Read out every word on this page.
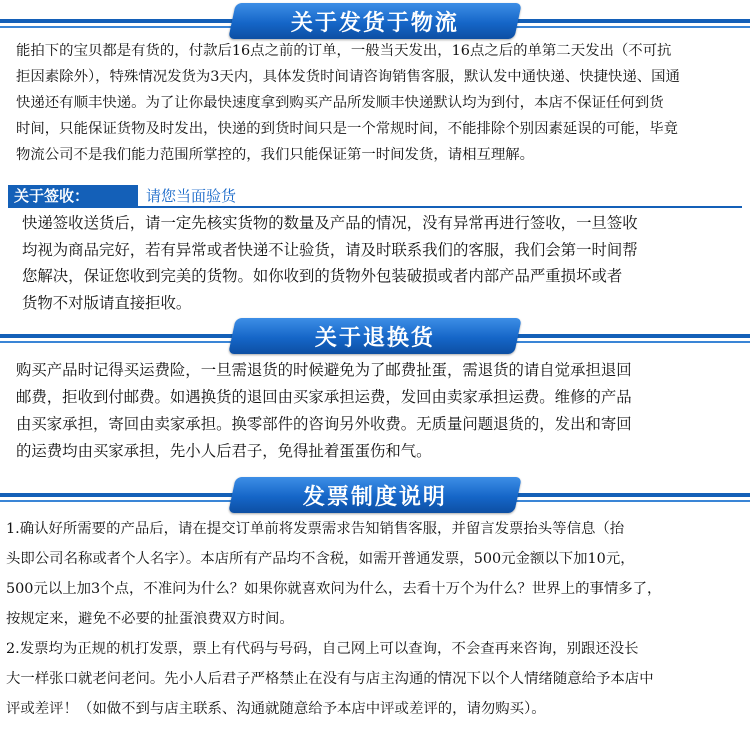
关于发货于物流
能拍下的宝贝都是有货的，付款后16点之前的订单，一般当天发出，16点之后的单第二天发出（不可抗
拒因素除外），特殊情况发货为3天内，具体发货时间请咨询销售客服，默认发中通快递、快捷快递、国通
快递还有顺丰快递。为了让你最快速度拿到购买产品所发顺丰快递默认均为到付，本店不保证任何到货
时间，只能保证货物及时发出，快递的到货时间只是一个常规时间，不能排除个别因素延误的可能，毕竟
物流公司不是我们能力范围所掌控的，我们只能保证第一时间发货，请相互理解。
关于签收：	请您当面验货
快递签收送货后，请一定先核实货物的数量及产品的情况，没有异常再进行签收，一旦签收
均视为商品完好，若有异常或者快递不让验货，请及时联系我们的客服，我们会第一时间帮
您解决，保证您收到完美的货物。如你收到的货物外包装破损或者内部产品严重损坏或者
货物不对版请直接拒收。
关于退换货
购买产品时记得买运费险，一旦需退货的时候避免为了邮费扯蛋，需退货的请自觉承担退回
邮费，拒收到付邮费。如遇换货的退回由买家承担运费，发回由卖家承担运费。维修的产品
由买家承担，寄回由卖家承担。换零部件的咨询另外收费。无质量问题退货的，发出和寄回
的运费均由买家承担，先小人后君子，免得扯着蛋蛋伤和气。
发票制度说明
1.确认好所需要的产品后，请在提交订单前将发票需求告知销售客服，并留言发票抬头等信息（抬
头即公司名称或者个人名字）。本店所有产品均不含税，如需开普通发票，500元金额以下加10元，
500元以上加3个点，不准问为什么？如果你就喜欢问为什么，去看十万个为什么？世界上的事情多了，
按规定来，避免不必要的扯蛋浪费双方时间。
2.发票均为正规的机打发票，票上有代码与号码，自己网上可以查询，不会查再来咨询，别跟还没长
大一样张口就老问老问。先小人后君子严格禁止在没有与店主沟通的情况下以个人情绪随意给予本店中
评或差评！（如做不到与店主联系、沟通就随意给予本店中评或差评的，请勿购买）。
